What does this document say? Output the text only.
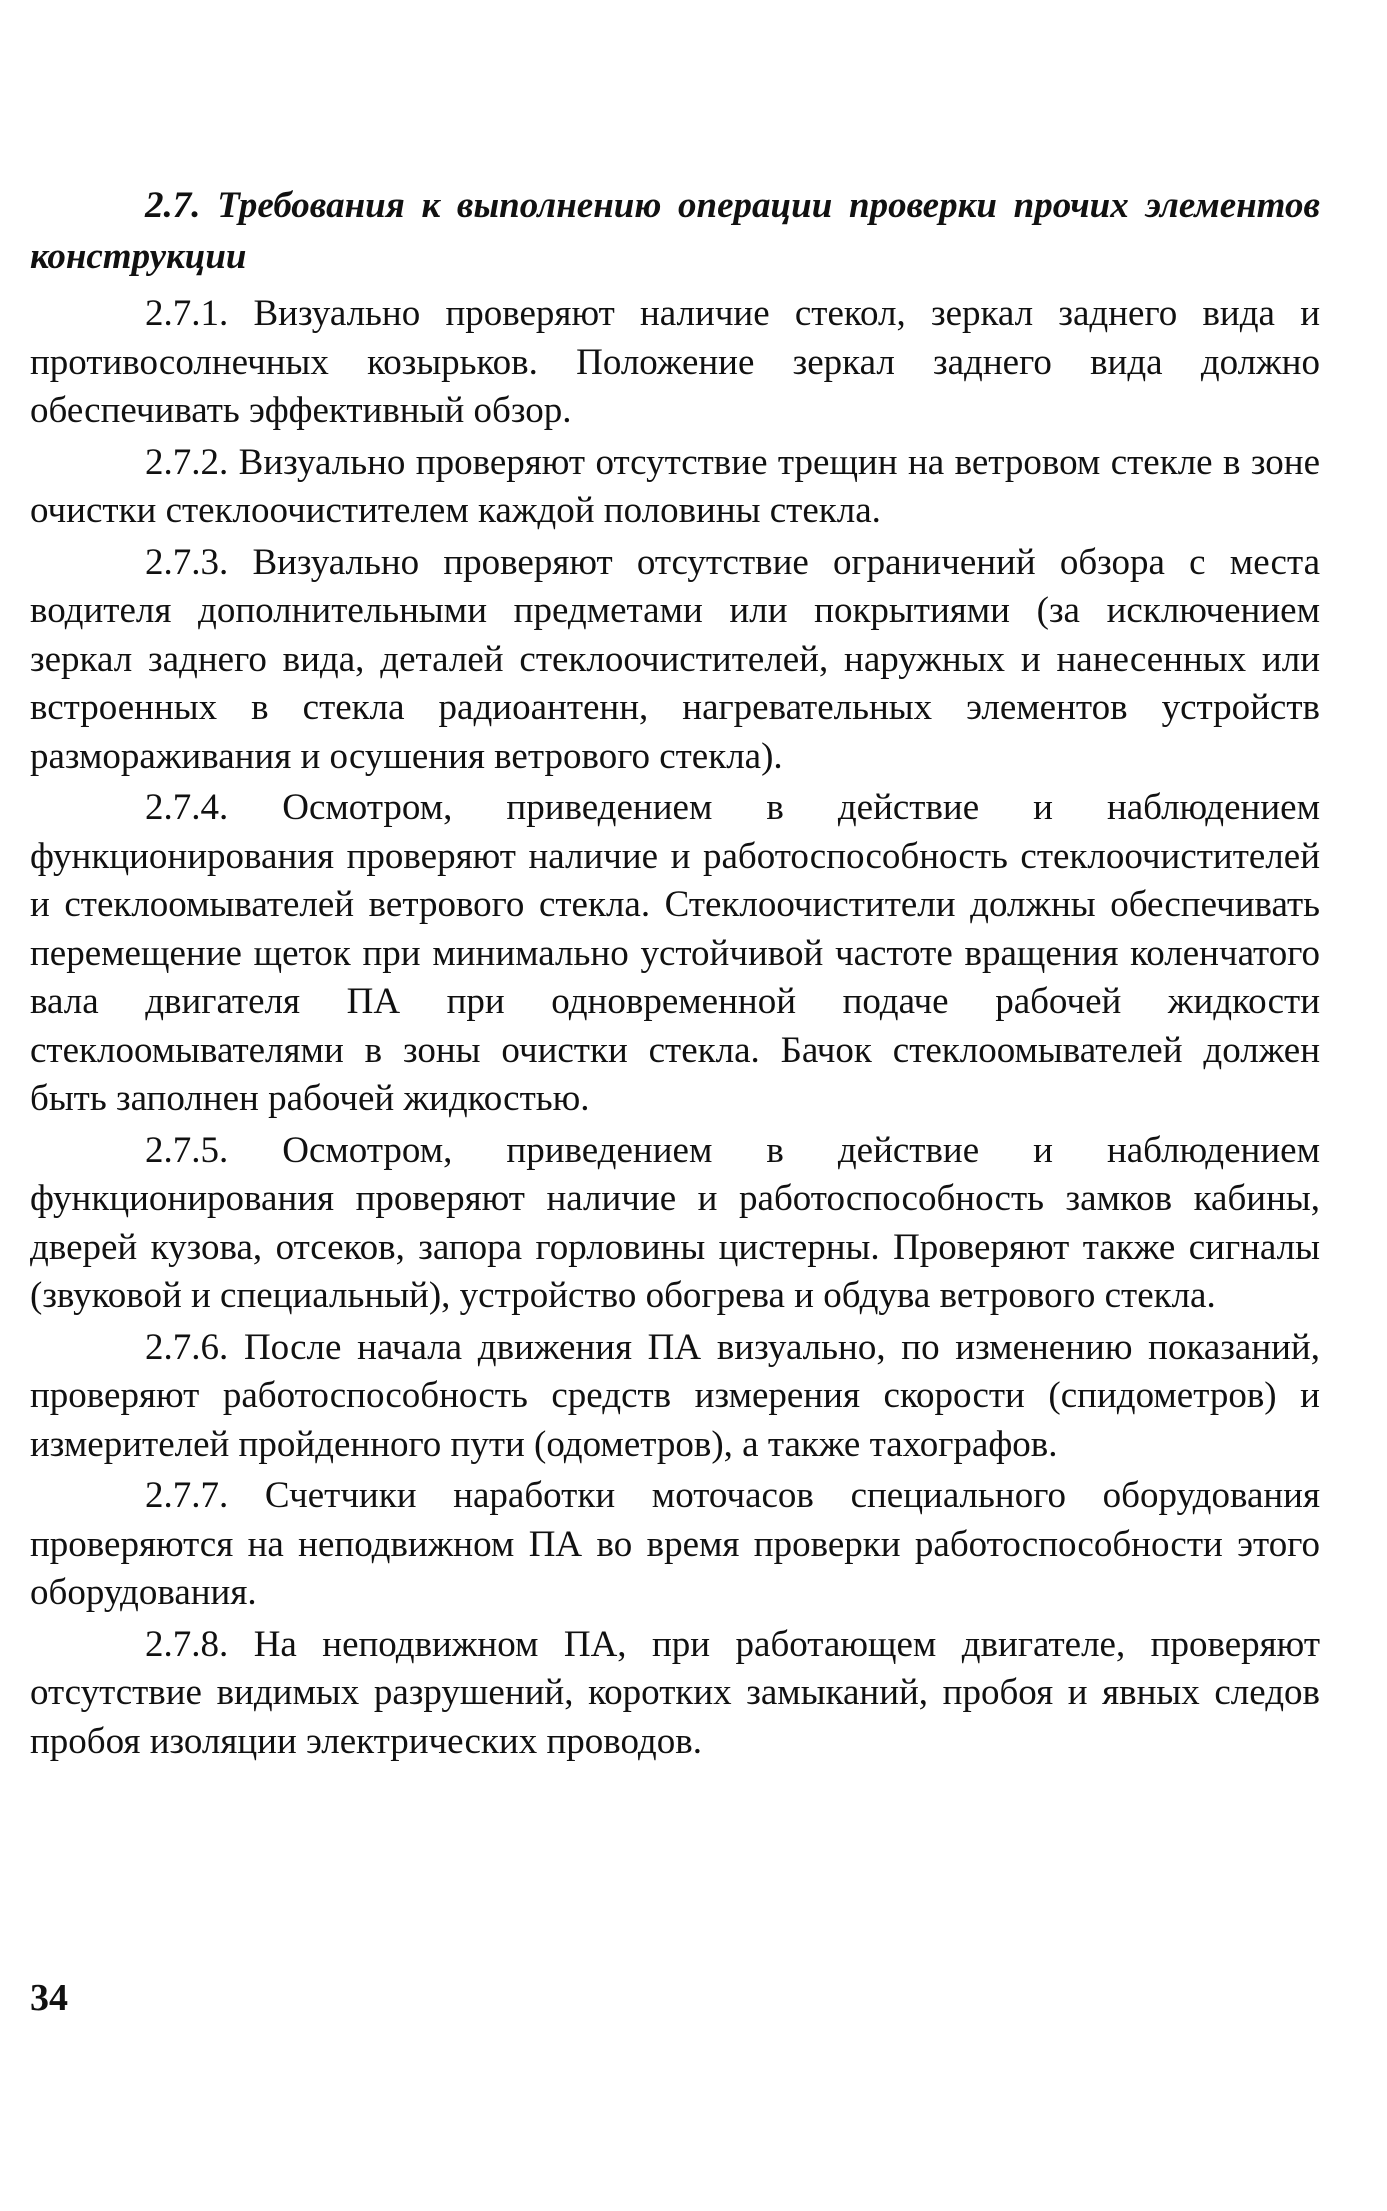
2.7. Требования к выполнению операции проверки прочих элементов конструкции

2.7.1. Визуально проверяют наличие стекол, зеркал заднего вида и противосолнечных козырьков. Положение зеркал заднего вида должно обеспечивать эффективный обзор.

2.7.2. Визуально проверяют отсутствие трещин на ветровом стекле в зоне очистки стеклоочистителем каждой половины стекла.

2.7.3. Визуально проверяют отсутствие ограничений обзора с места водителя дополнительными предметами или покрытиями (за исключением зеркал заднего вида, деталей стеклоочистителей, наружных и нанесенных или встроенных в стекла радиоантенн, нагревательных элементов устройств размораживания и осушения ветрового стекла).

2.7.4. Осмотром, приведением в действие и наблюдением функционирования проверяют наличие и работоспособность стеклоочистителей и стеклоомывателей ветрового стекла. Стеклоочистители должны обеспечивать перемещение щеток при минимально устойчивой частоте вращения коленчатого вала двигателя ПА при одновременной подаче рабочей жидкости стеклоомывателями в зоны очистки стекла. Бачок стеклоомывателей должен быть заполнен рабочей жидкостью.

2.7.5. Осмотром, приведением в действие и наблюдением функционирования проверяют наличие и работоспособность замков кабины, дверей кузова, отсеков, запора горловины цистерны. Проверяют также сигналы (звуковой и специальный), устройство обогрева и обдува ветрового стекла.

2.7.6. После начала движения ПА визуально, по изменению показаний, проверяют работоспособность средств измерения скорости (спидометров) и измерителей пройденного пути (одометров), а также тахографов.

2.7.7. Счетчики наработки моточасов специального оборудования проверяются на неподвижном ПА во время проверки работоспособности этого оборудования.

2.7.8. На неподвижном ПА, при работающем двигателе, проверяют отсутствие видимых разрушений, коротких замыканий, пробоя и явных следов пробоя изоляции электрических проводов.

34
